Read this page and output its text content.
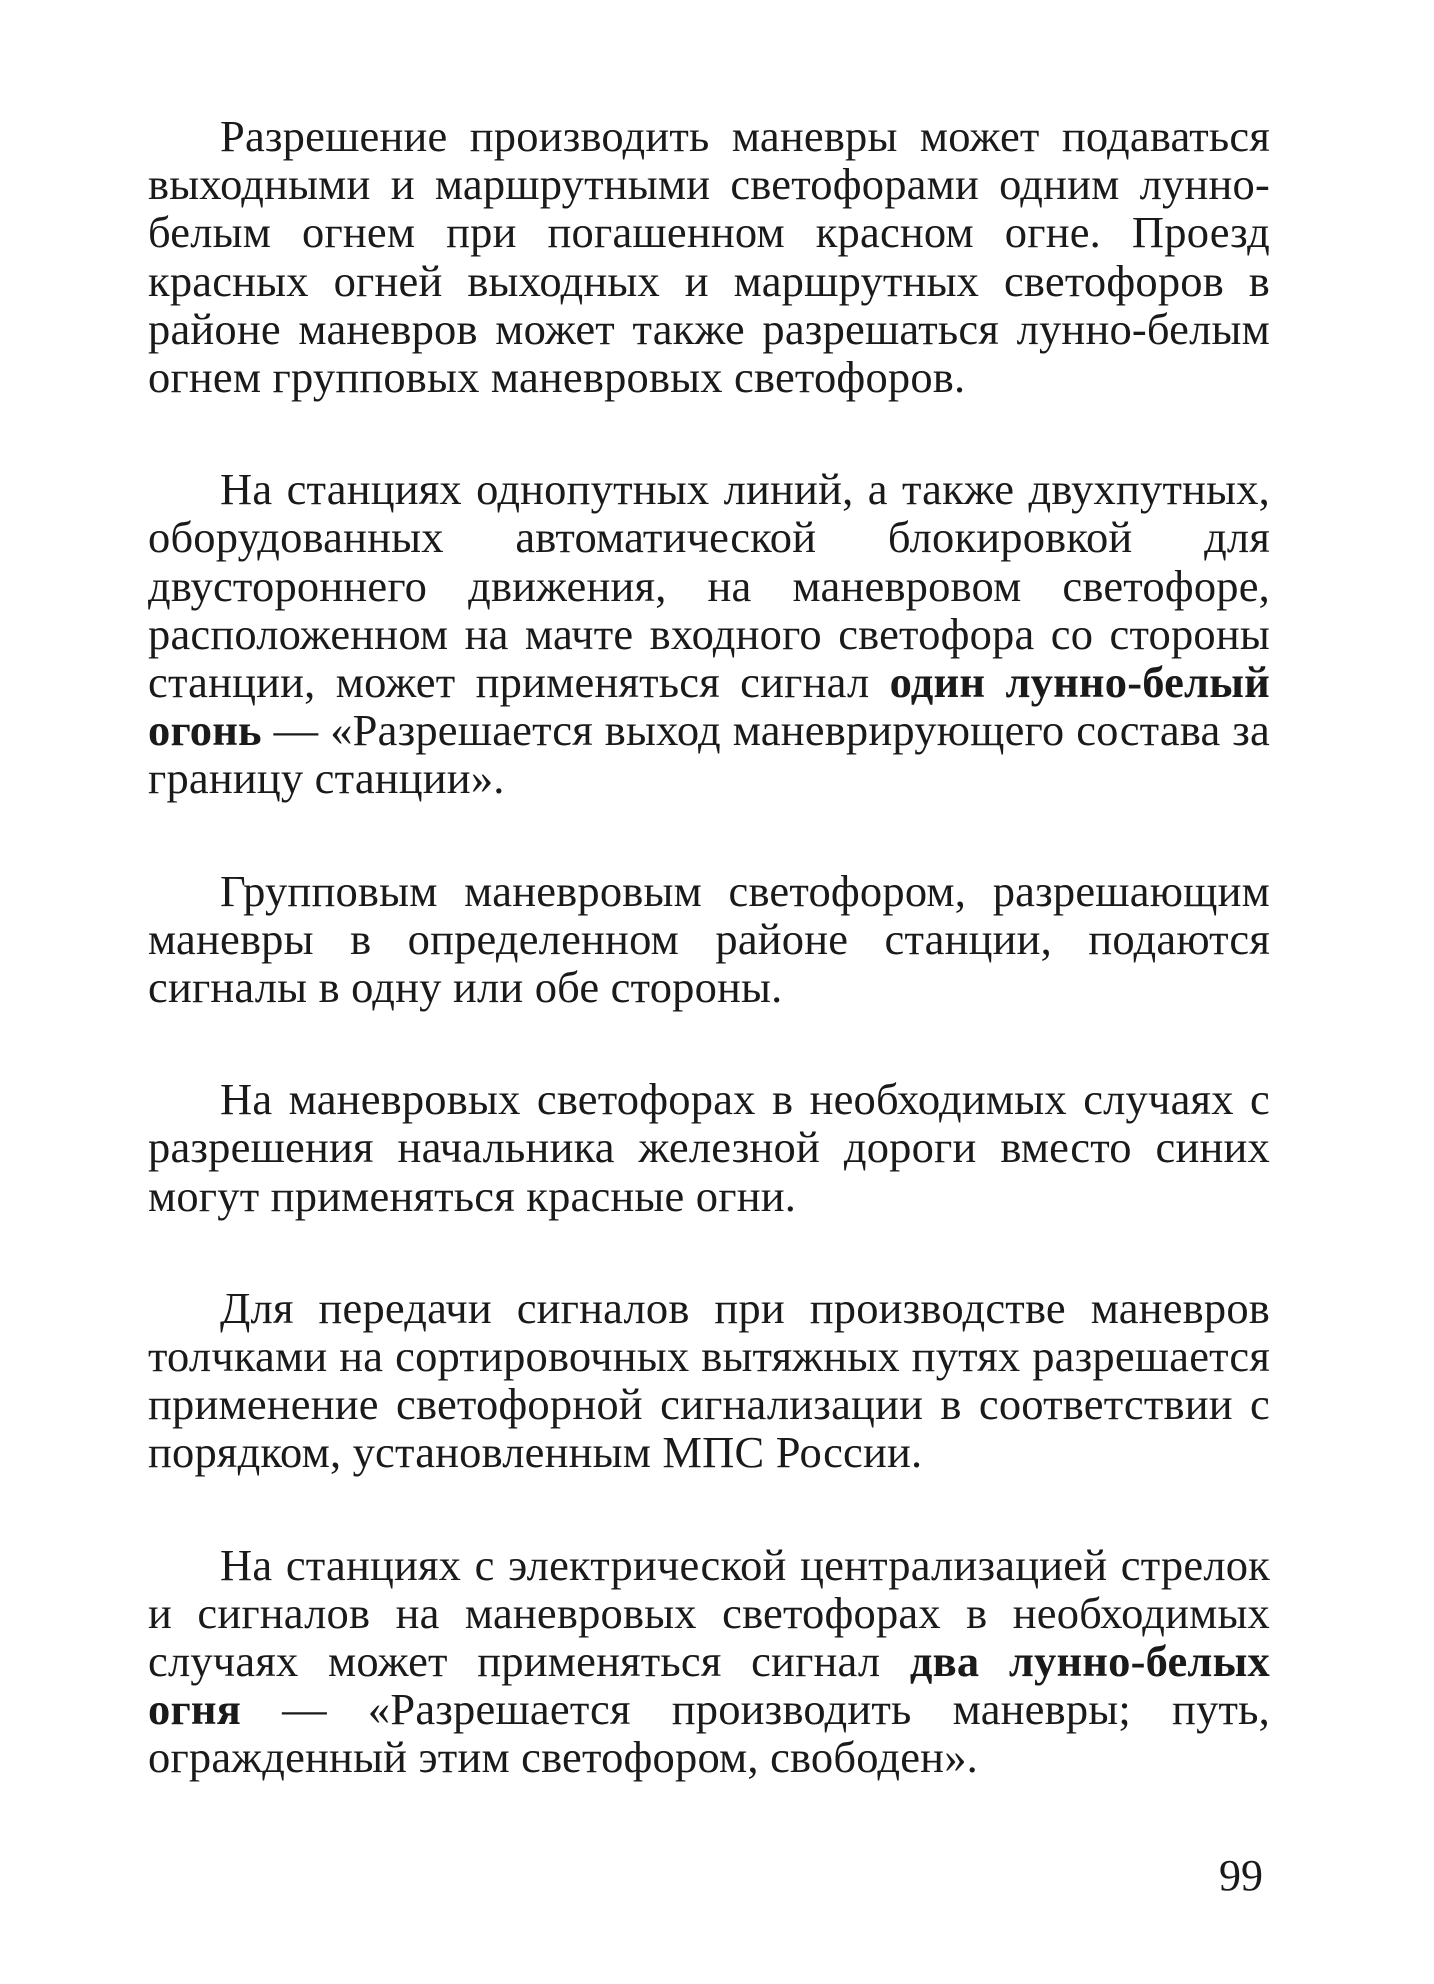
Разрешение производить маневры может подаваться выходными и маршрутными светофорами одним лунно-белым огнем при погашенном красном огне. Проезд красных огней выходных и маршрутных светофоров в районе маневров может также разрешаться лунно-белым огнем групповых маневровых светофоров.

На станциях однопутных линий, а также двухпутных, оборудованных автоматической блокировкой для двустороннего движения, на маневровом светофоре, расположенном на мачте входного светофора со стороны станции, может применяться сигнал один лунно-белый огонь — «Разрешается выход маневрирующего состава за границу станции».

Групповым маневровым светофором, разрешающим маневры в определенном районе станции, подаются сигналы в одну или обе стороны.

На маневровых светофорах в необходимых случаях с разрешения начальника железной дороги вместо синих могут применяться красные огни.

Для передачи сигналов при производстве маневров толчками на сортировочных вытяжных путях разрешается применение светофорной сигнализации в соответствии с порядком, установленным МПС России.

На станциях с электрической централизацией стрелок и сигналов на маневровых светофорах в необходимых случаях может применяться сигнал два лунно-белых огня — «Разрешается производить маневры; путь, огражденный этим светофором, свободен».

99
